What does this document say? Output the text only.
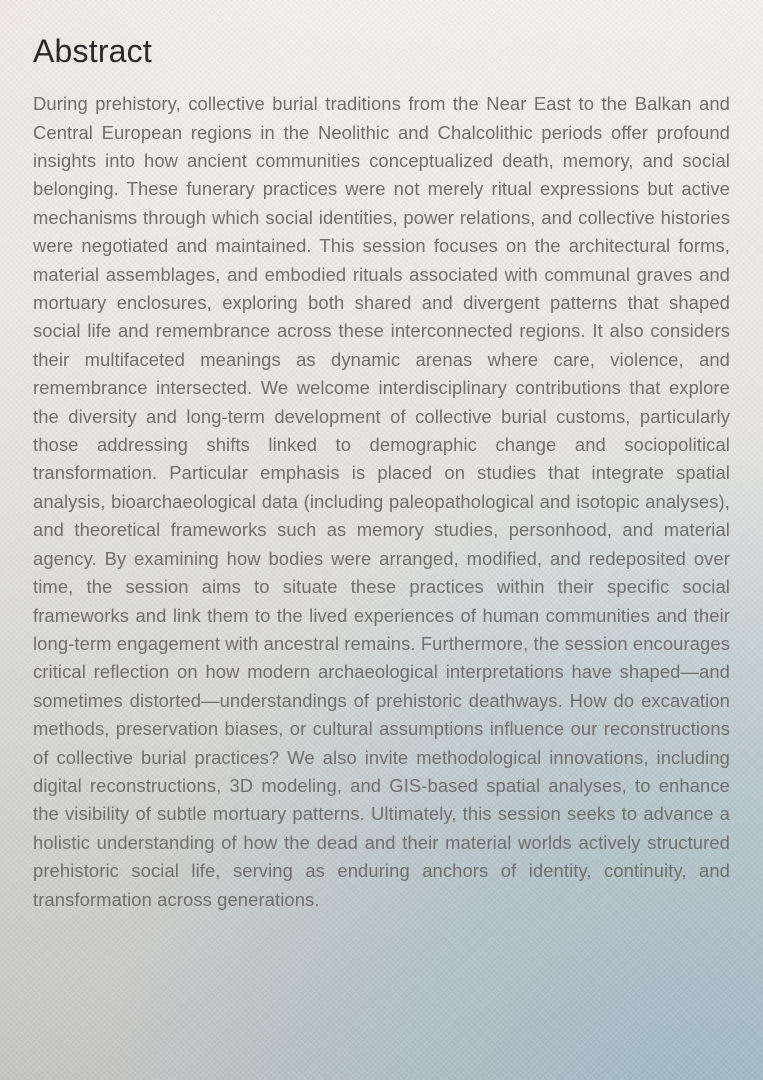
Abstract

During prehistory, collective burial traditions from the Near East to the Balkan and Central European regions in the Neolithic and Chalcolithic periods offer profound insights into how ancient communities conceptualized death, memory, and social belonging. These funerary practices were not merely ritual expressions but active mechanisms through which social identities, power relations, and collective histories were negotiated and maintained. This session focuses on the architectural forms, material assemblages, and embodied rituals associated with communal graves and mortuary enclosures, exploring both shared and divergent patterns that shaped social life and remembrance across these interconnected regions. It also considers their multifaceted meanings as dynamic arenas where care, violence, and remembrance intersected. We welcome interdisciplinary contributions that explore the diversity and long-term development of collective burial customs, particularly those addressing shifts linked to demographic change and sociopolitical transformation. Particular emphasis is placed on studies that integrate spatial analysis, bioarchaeological data (including paleopathological and isotopic analyses), and theoretical frameworks such as memory studies, personhood, and material agency. By examining how bodies were arranged, modified, and redeposited over time, the session aims to situate these practices within their specific social frameworks and link them to the lived experiences of human communities and their long-term engagement with ancestral remains. Furthermore, the session encourages critical reflection on how modern archaeological interpretations have shaped—and sometimes distorted—understandings of prehistoric deathways. How do excavation methods, preservation biases, or cultural assumptions influence our reconstructions of collective burial practices? We also invite methodological innovations, including digital reconstructions, 3D modeling, and GIS-based spatial analyses, to enhance the visibility of subtle mortuary patterns. Ultimately, this session seeks to advance a holistic understanding of how the dead and their material worlds actively structured prehistoric social life, serving as enduring anchors of identity, continuity, and transformation across generations.
